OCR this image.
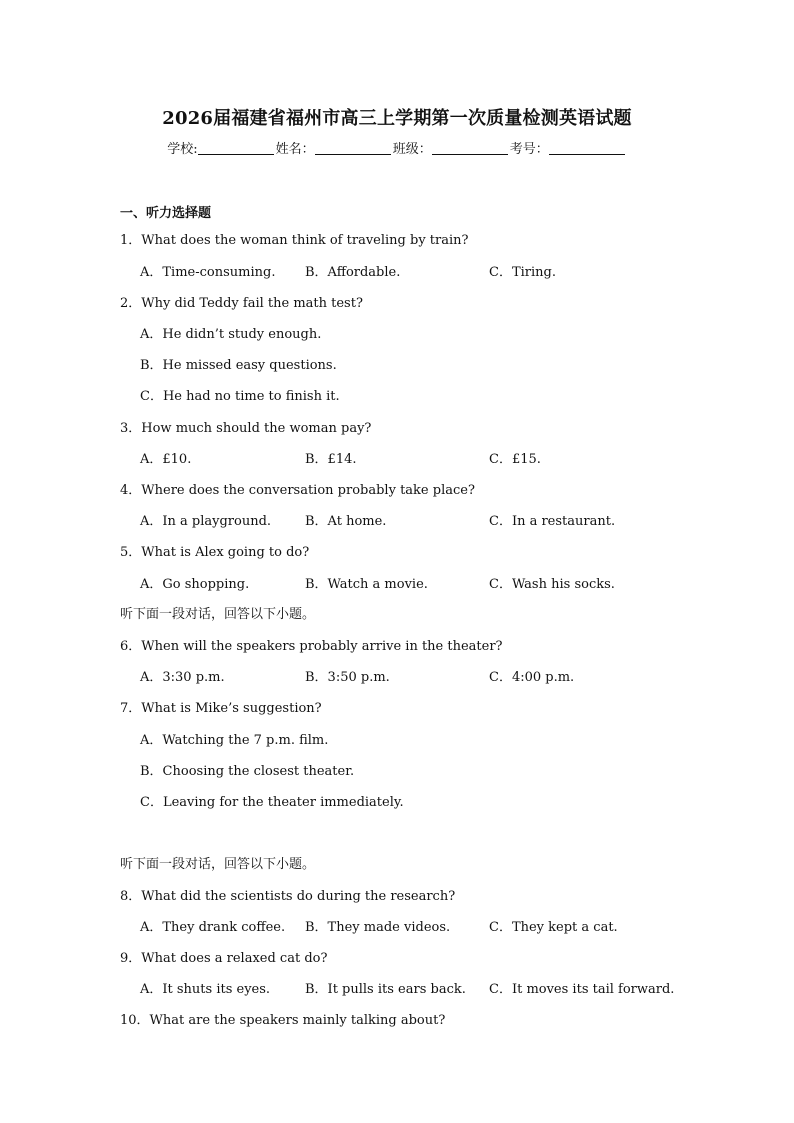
2026届福建省福州市高三上学期第一次质量检测英语试题
学校:	姓名：	班级：	考号：
一、听力选择题
1．What does the woman think of traveling by train?
A．Time-consuming. B．Affordable.	C．Tiring.
2．Why did Teddy fail the math test?
A．He didn’t study enough.
B．He missed easy questions.
C．He had no time to finish it.
3．How much should the woman pay?
A．£10.	B．£14.	C．£15.
4．Where does the conversation probably take place?
A．In a playground.	B．At home.	C．In a restaurant.
5．What is Alex going to do?
A．Go shopping.	B．Watch a movie.	C．Wash his socks.
听下面一段对话，回答以下小题。
6．When will the speakers probably arrive in the theater?
A．3:30 p.m.	B．3:50 p.m.	C．4:00 p.m.
7．What is Mike’s suggestion?
A．Watching the 7 p.m. film.
B．Choosing the closest theater.
C．Leaving for the theater immediately.
听下面一段对话，回答以下小题。
8．What did the scientists do during the research?
A．They drank coffee. B．They made videos.	C．They kept a cat.
9．What does a relaxed cat do?
A．It shuts its eyes.	B．It pulls its ears back. C．It moves its tail forward.
10．What are the speakers mainly talking about?
